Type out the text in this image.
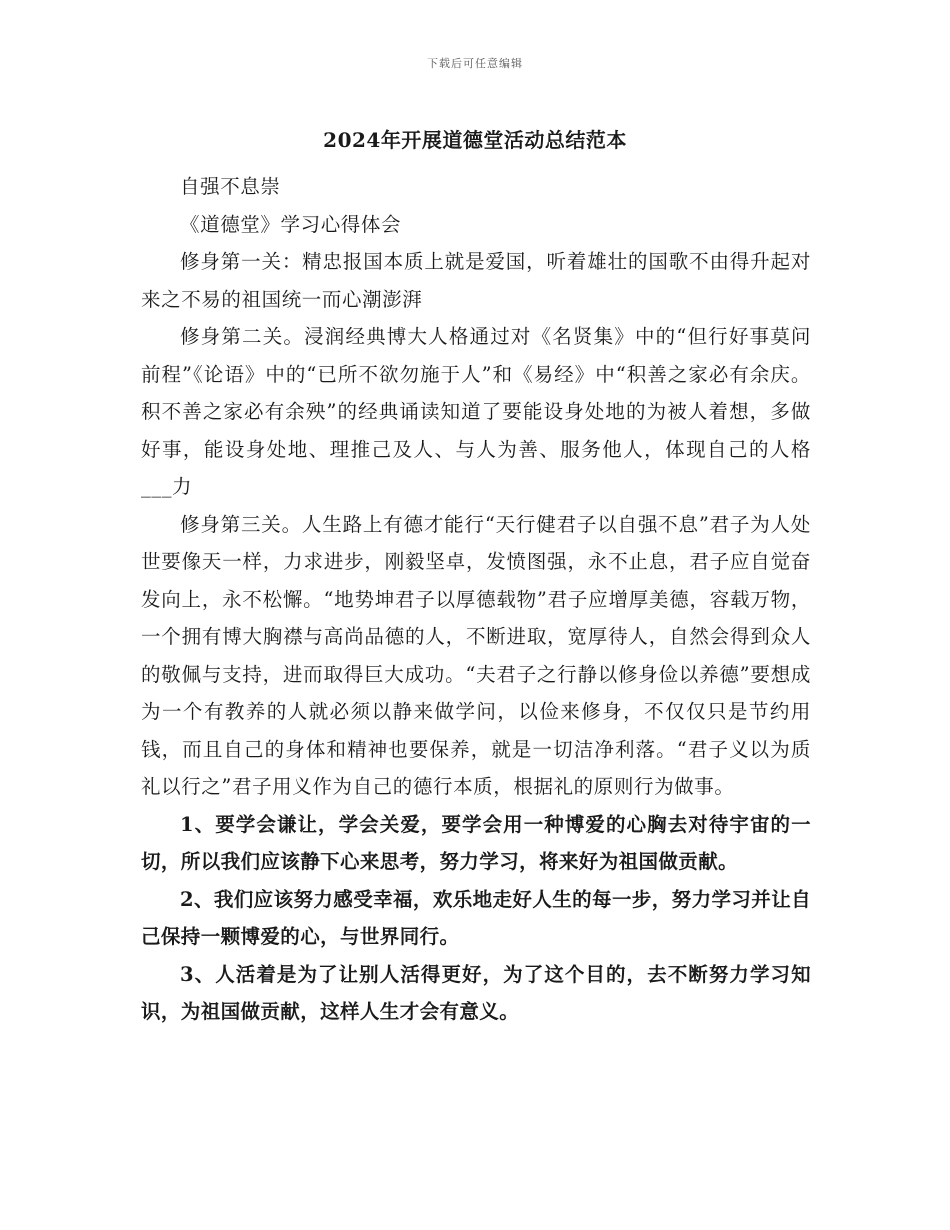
下载后可任意编辑
2024年开展道德堂活动总结范本

自强不息崇

《道德堂》学习心得体会

修身第一关：精忠报国本质上就是爱国，听着雄壮的国歌不由得升起对来之不易的祖国统一而心潮澎湃

修身第二关。浸润经典博大人格通过对《名贤集》中的“但行好事莫问前程”《论语》中的“已所不欲勿施于人”和《易经》中“积善之家必有余庆。积不善之家必有余殃”的经典诵读知道了要能设身处地的为被人着想，多做好事，能设身处地、理推己及人、与人为善、服务他人，体现自己的人格___力

修身第三关。人生路上有德才能行“天行健君子以自强不息”君子为人处世要像天一样，力求进步，刚毅坚卓，发愤图强，永不止息，君子应自觉奋发向上，永不松懈。“地势坤君子以厚德载物”君子应增厚美德，容载万物，一个拥有博大胸襟与高尚品德的人，不断进取，宽厚待人，自然会得到众人的敬佩与支持，进而取得巨大成功。“夫君子之行静以修身俭以养德”要想成为一个有教养的人就必须以静来做学问，以俭来修身，不仅仅只是节约用钱，而且自己的身体和精神也要保养，就是一切洁净利落。“君子义以为质礼以行之”君子用义作为自己的德行本质，根据礼的原则行为做事。

1、要学会谦让，学会关爱，要学会用一种博爱的心胸去对待宇宙的一切，所以我们应该静下心来思考，努力学习，将来好为祖国做贡献。

2、我们应该努力感受幸福，欢乐地走好人生的每一步，努力学习并让自己保持一颗博爱的心，与世界同行。

3、人活着是为了让别人活得更好，为了这个目的，去不断努力学习知识，为祖国做贡献，这样人生才会有意义。
